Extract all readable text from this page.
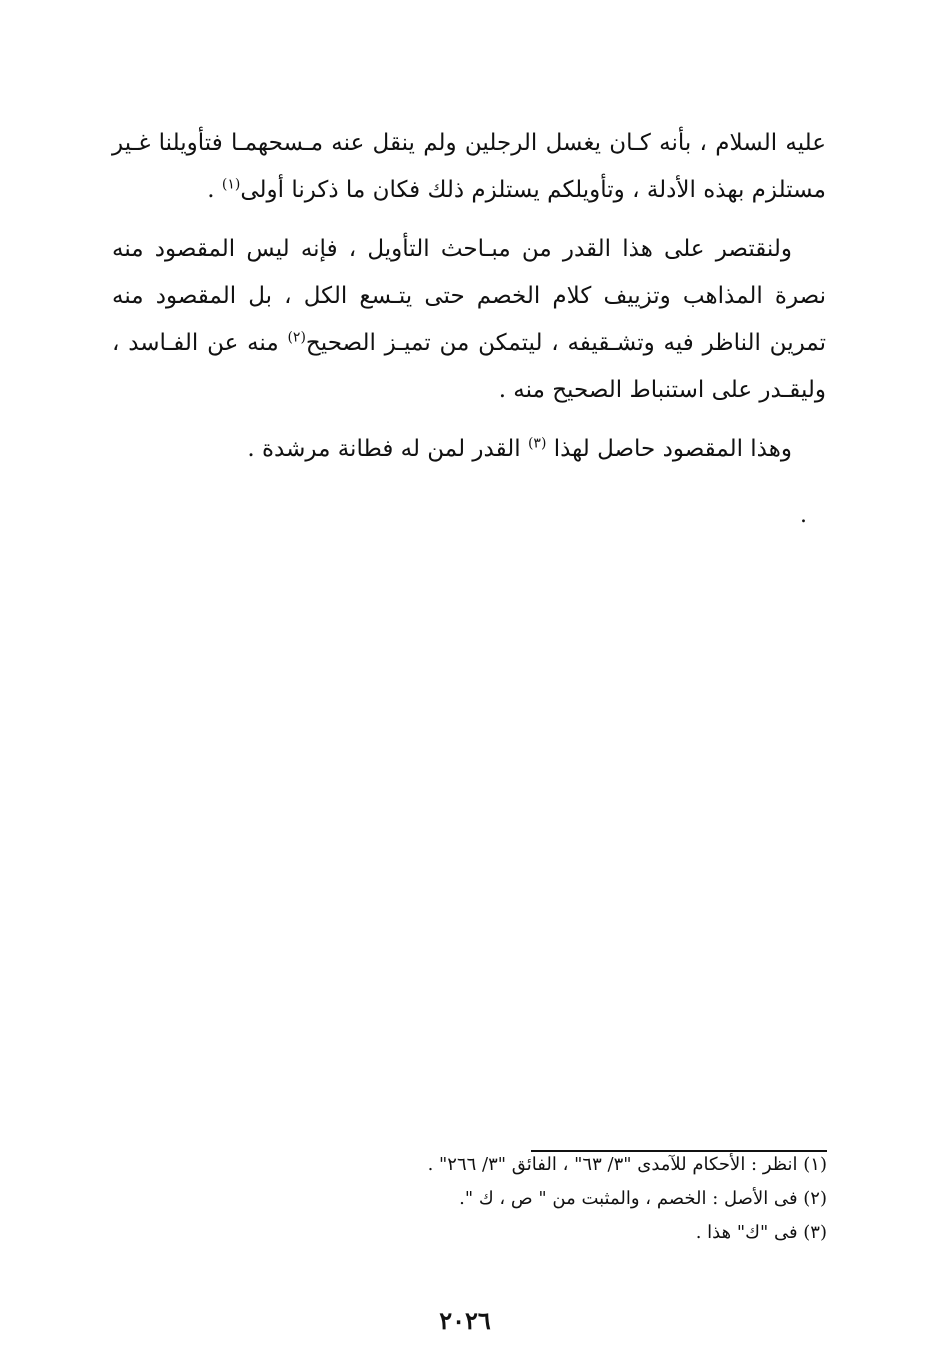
عليه السلام ، بأنه كـان يغسل الرجلين ولم ينقل عنه مـسحهمـا فتأويلنا غـير مستلزم بهذه الأدلة ، وتأويلكم يستلزم ذلك فكان ما ذكرنا أولى$^{(١)}$ .

ولنقتصر على هذا القدر من مبـاحث التأويل ، فإنه ليس المقصود منه نصرة المذاهب وتزييف كلام الخصم حتى يتـسع الكل ، بل المقصود منه تمرين الناظر فيه وتشـقيفه ، ليتمكن من تميـز الصحيح$^{(٢)}$ منه عن الفـاسد ، وليقـدر على استنباط الصحيح منه .

وهذا المقصود حاصل لهذا $^{(٣)}$ القدر لمن له فطانة مرشدة .

.

(١) انظر : الأحكام للآمدى "٣/ ٦٣" ، الفائق "٣/ ٢٦٦" .

(٢) فى الأصل : الخصم ، والمثبت من " ص ، ك ".

(٣) فى "ك" هذا .

٢٠٢٦
